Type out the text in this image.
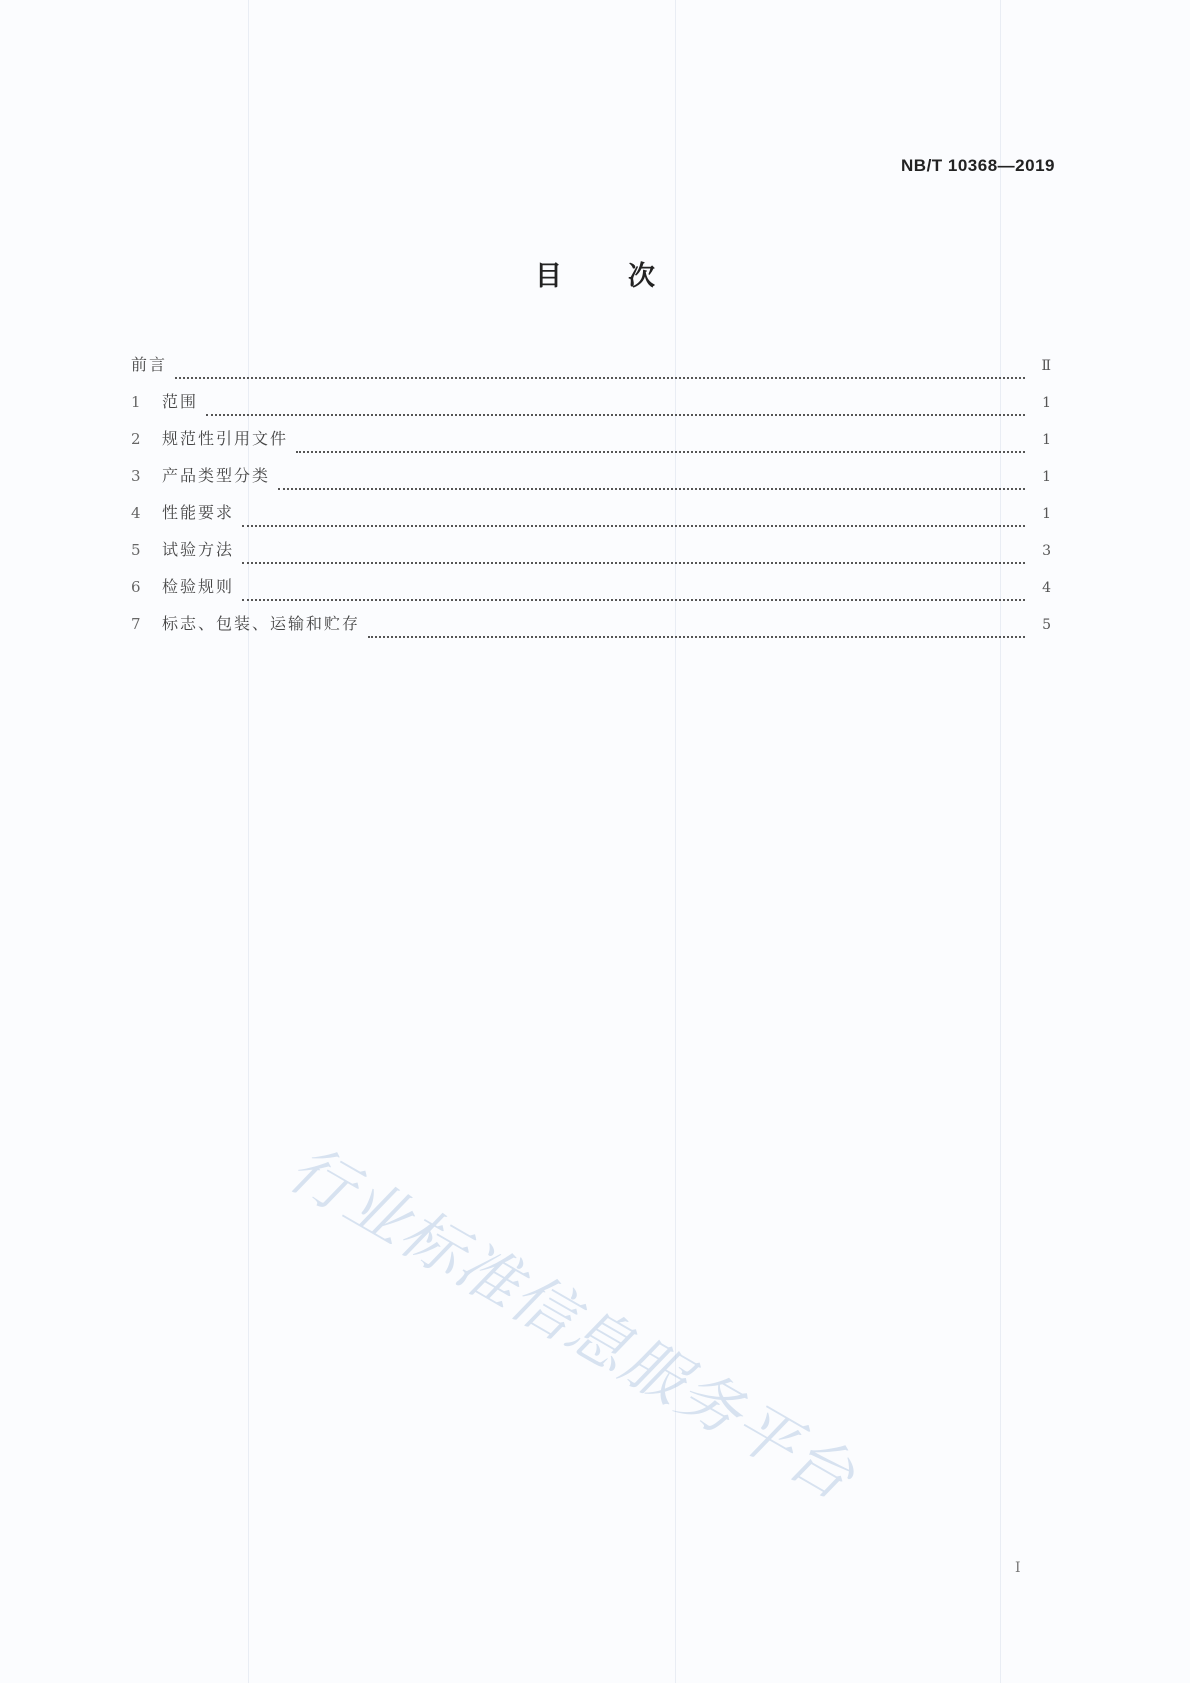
NB/T 10368—2019
目次
前言	Ⅱ
1	范围	1
2	规范性引用文件	1
3	产品类型分类	1
4	性能要求	1
5	试验方法	3
6	检验规则	4
7	标志、包装、运输和贮存	5
行业标准信息服务平台
Ⅰ
